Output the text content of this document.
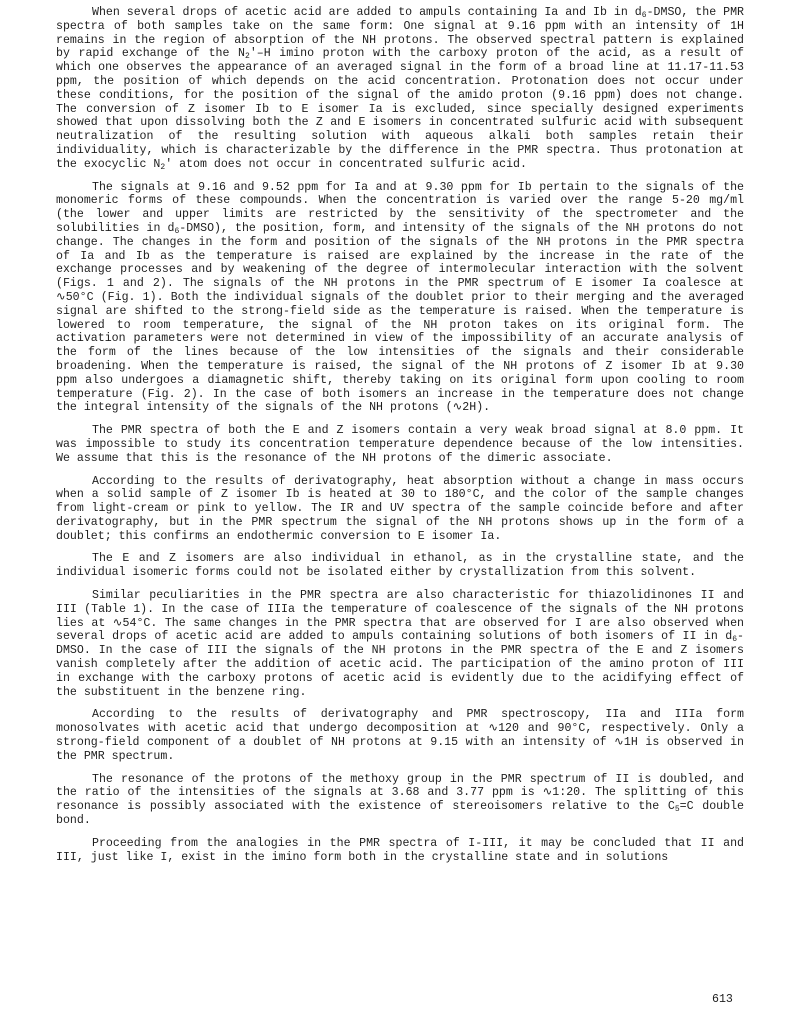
When several drops of acetic acid are added to ampuls containing Ia and Ib in $d_6$-DMSO, the PMR spectra of both samples take on the same form: One signal at 9.16 ppm with an intensity of 1H remains in the region of absorption of the NH protons. The observed spectral pattern is explained by rapid exchange of the $N_2'-H$ imino proton with the carboxy proton of the acid, as a result of which one observes the appearance of an averaged signal in the form of a broad line at 11.17-11.53 ppm, the position of which depends on the acid concentration. Protonation does not occur under these conditions, for the position of the signal of the amido proton (9.16 ppm) does not change. The conversion of Z isomer Ib to E isomer Ia is excluded, since specially designed experiments showed that upon dissolving both the Z and E isomers in concentrated sulfuric acid with subsequent neutralization of the resulting solution with aqueous alkali both samples retain their individuality, which is characterizable by the difference in the PMR spectra. Thus protonation at the exocyclic $N_2'$ atom does not occur in concentrated sulfuric acid.

The signals at 9.16 and 9.52 ppm for Ia and at 9.30 ppm for Ib pertain to the signals of the monomeric forms of these compounds. When the concentration is varied over the range 5-20 mg/ml (the lower and upper limits are restricted by the sensitivity of the spectrometer and the solubilities in $d_6-DMSO$), the position, form, and intensity of the signals of the NH protons do not change. The changes in the form and position of the signals of the NH protons in the PMR spectra of Ia and Ib as the temperature is raised are explained by the increase in the rate of the exchange processes and by weakening of the degree of intermolecular interaction with the solvent (Figs. 1 and 2). The signals of the NH protons in the PMR spectrum of E isomer Ia coalesce at ∿50°C (Fig. 1). Both the individual signals of the doublet prior to their merging and the averaged signal are shifted to the strong-field side as the temperature is raised. When the temperature is lowered to room temperature, the signal of the NH proton takes on its original form. The activation parameters were not determined in view of the impossibility of an accurate analysis of the form of the lines because of the low intensities of the signals and their considerable broadening. When the temperature is raised, the signal of the NH protons of Z isomer Ib at 9.30 ppm also undergoes a diamagnetic shift, thereby taking on its original form upon cooling to room temperature (Fig. 2). In the case of both isomers an increase in the temperature does not change the integral intensity of the signals of the NH protons (∿2H).

The PMR spectra of both the E and Z isomers contain a very weak broad signal at 8.0 ppm. It was impossible to study its concentration temperature dependence because of the low intensities. We assume that this is the resonance of the NH protons of the dimeric associate.

According to the results of derivatography, heat absorption without a change in mass occurs when a solid sample of Z isomer Ib is heated at 30 to 180°C, and the color of the sample changes from light-cream or pink to yellow. The IR and UV spectra of the sample coincide before and after derivatography, but in the PMR spectrum the signal of the NH protons shows up in the form of a doublet; this confirms an endothermic conversion to E isomer Ia.

The E and Z isomers are also individual in ethanol, as in the crystalline state, and the individual isomeric forms could not be isolated either by crystallization from this solvent.

Similar peculiarities in the PMR spectra are also characteristic for thiazolidinones II and III (Table 1). In the case of IIIa the temperature of coalescence of the signals of the NH protons lies at ∿54°C. The same changes in the PMR spectra that are observed for I are also observed when several drops of acetic acid are added to ampuls containing solutions of both isomers of II in $d_6$-DMSO. In the case of III the signals of the NH protons in the PMR spectra of the E and Z isomers vanish completely after the addition of acetic acid. The participation of the amino proton of III in exchange with the carboxy protons of acetic acid is evidently due to the acidifying effect of the substituent in the benzene ring.

According to the results of derivatography and PMR spectroscopy, IIa and IIIa form monosolvates with acetic acid that undergo decomposition at ∿120 and 90°C, respectively. Only a strong-field component of a doublet of NH protons at 9.15 with an intensity of ∿1H is observed in the PMR spectrum.

The resonance of the protons of the methoxy group in the PMR spectrum of II is doubled, and the ratio of the intensities of the signals at 3.68 and 3.77 ppm is ∿1:20. The splitting of this resonance is possibly associated with the existence of stereoisomers relative to the $C_5=C$ double bond.

Proceeding from the analogies in the PMR spectra of I-III, it may be concluded that II and III, just like I, exist in the imino form both in the crystalline state and in solutions

613
